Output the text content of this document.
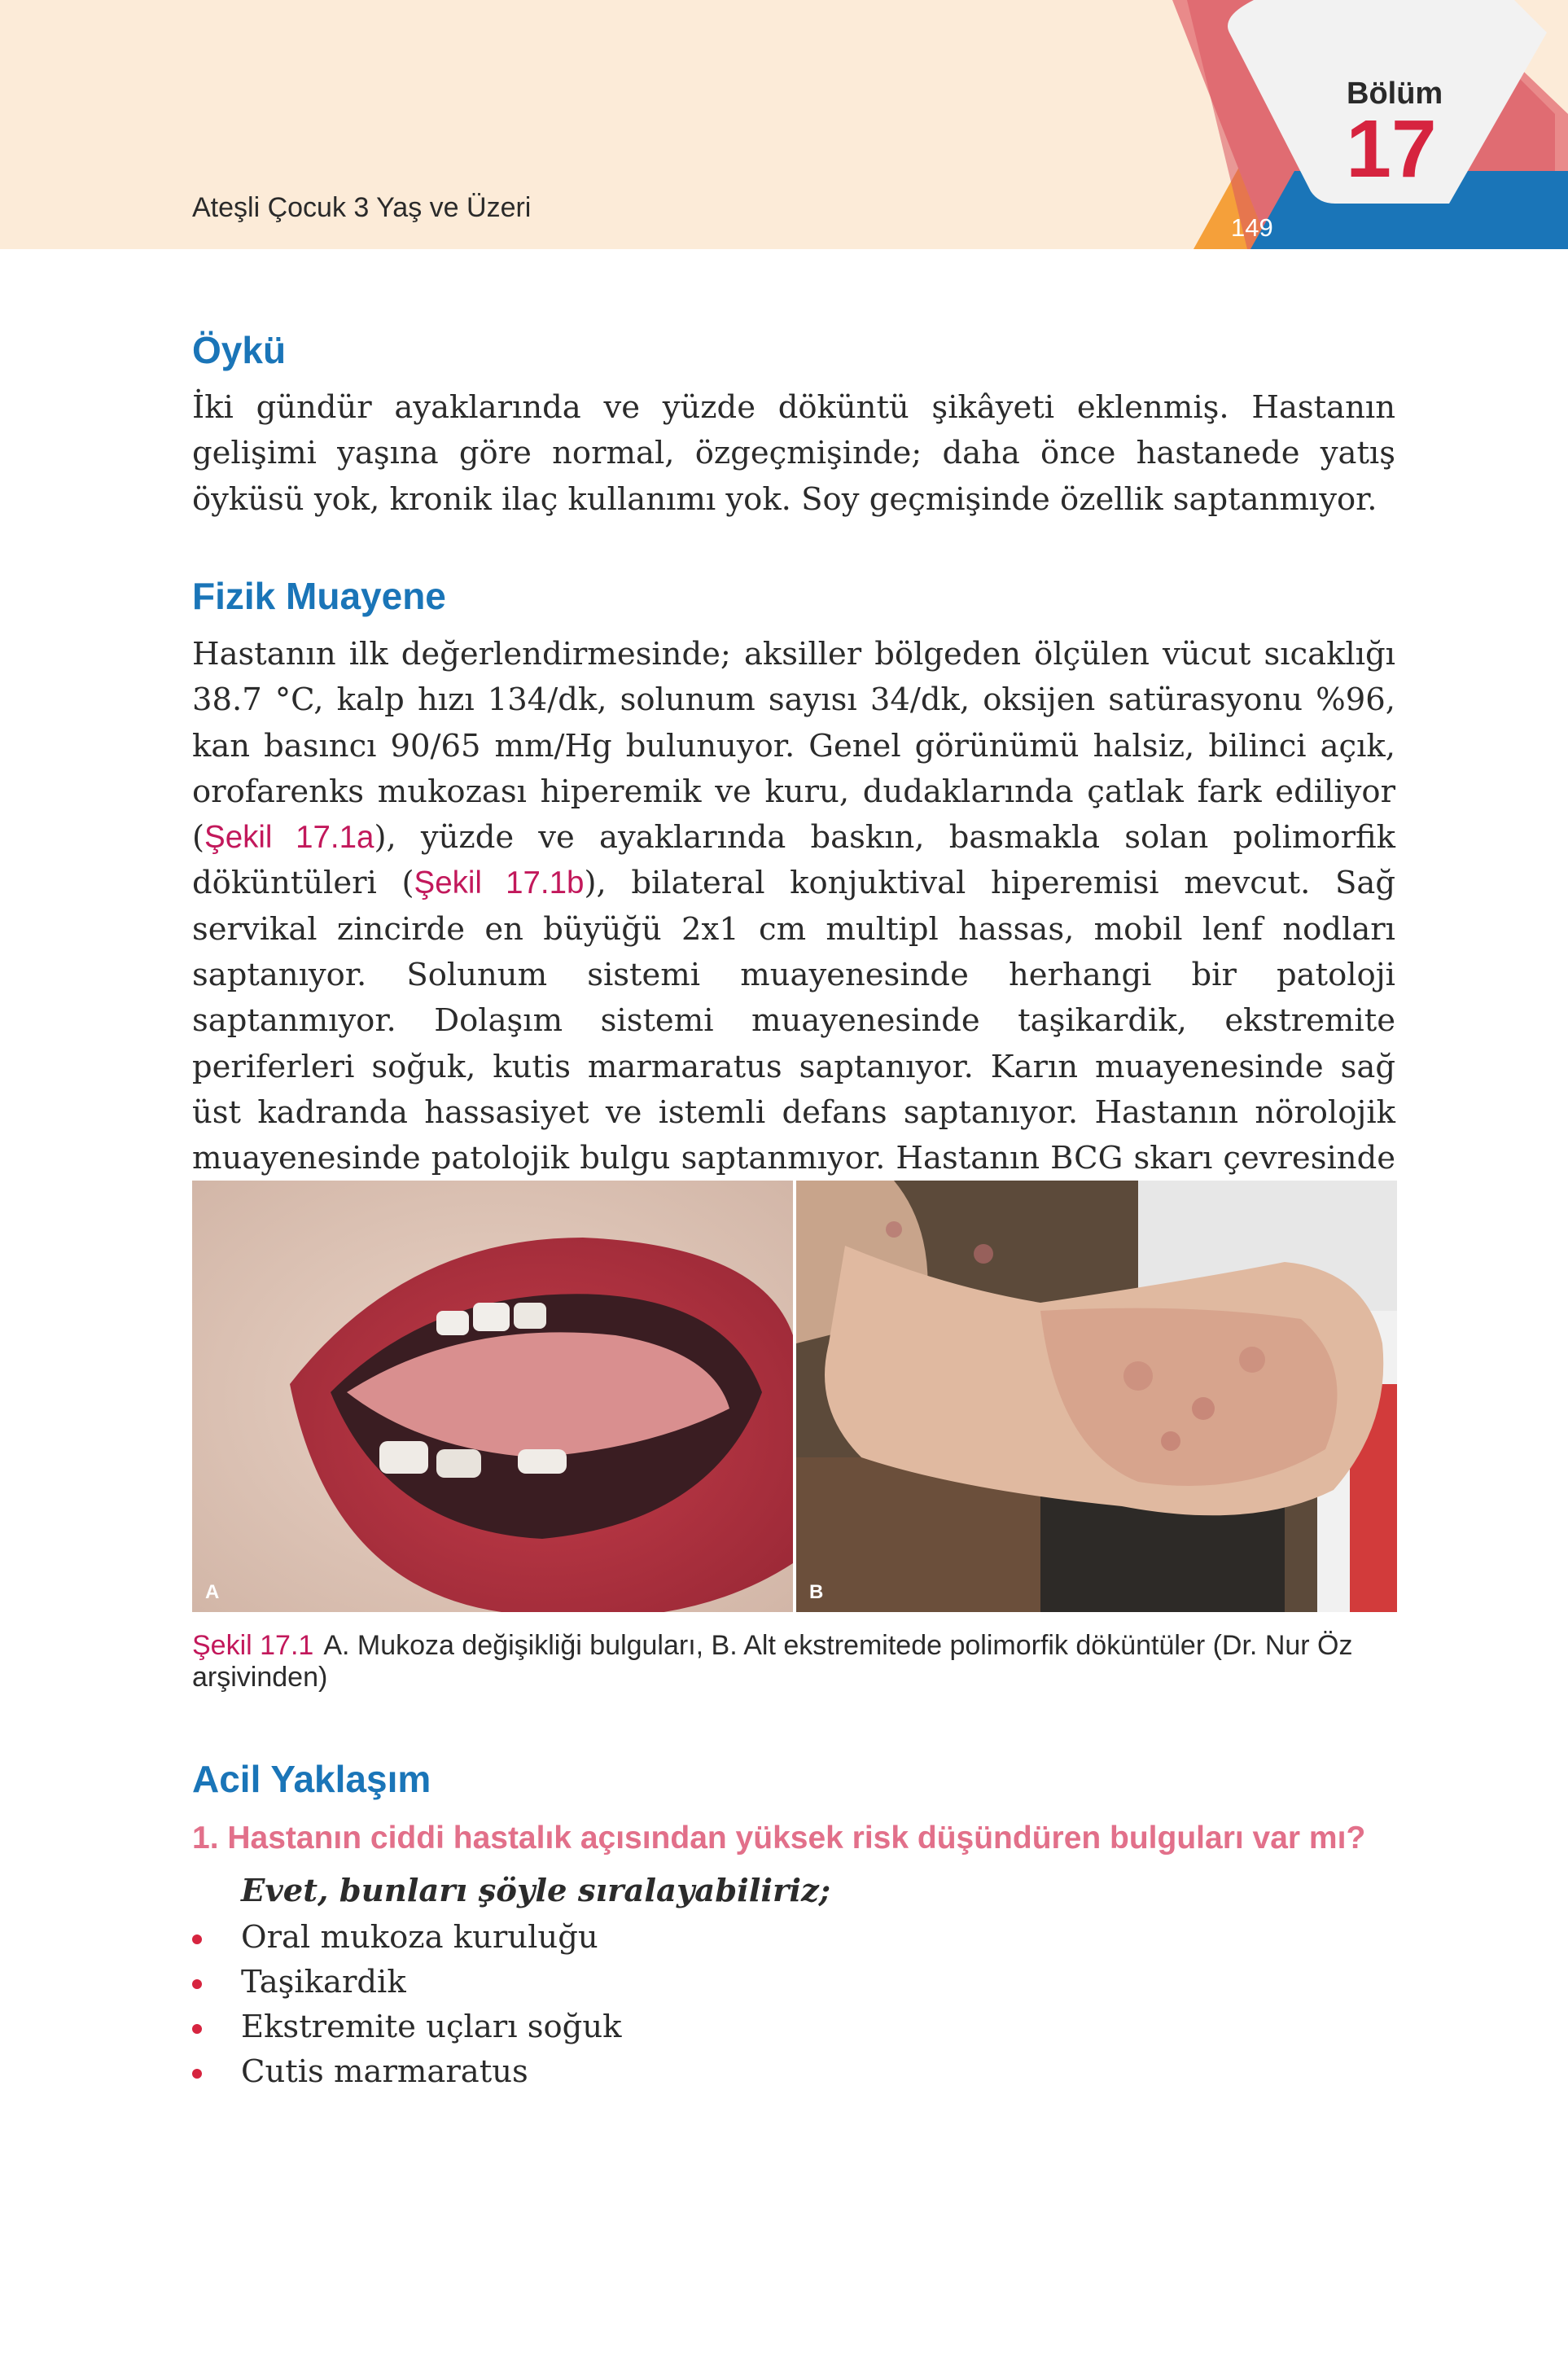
Ateşli Çocuk 3 Yaş ve Üzeri
Bölüm
17
149
Öykü
İki gündür ayaklarında ve yüzde döküntü şikâyeti eklenmiş. Hastanın gelişimi yaşına göre normal, özgeçmişinde; daha önce hastanede yatış öyküsü yok, kronik ilaç kullanımı yok. Soy geçmişinde özellik saptanmıyor.
Fizik Muayene
Hastanın ilk değerlendirmesinde; aksiller bölgeden ölçülen vücut sıcaklığı 38.7 °C, kalp hızı 134/dk, solunum sayısı 34/dk, oksijen satürasyonu %96, kan basıncı 90/65 mm/Hg bulunuyor. Genel görünümü halsiz, bilinci açık, orofarenks mukozası hiperemik ve kuru, dudaklarında çatlak fark ediliyor (Şekil 17.1a), yüzde ve ayaklarında baskın, basmakla solan polimorfik döküntüleri (Şekil 17.1b), bilateral konjuktival hiperemisi mevcut. Sağ servikal zincirde en büyüğü 2x1 cm multipl hassas, mobil lenf nodları saptanıyor. Solunum sistemi muayenesinde herhangi bir patoloji saptanmıyor. Dolaşım sistemi muayenesinde taşikardik, ekstremite periferleri soğuk, kutis marmaratus saptanıyor. Karın muayenesinde sağ üst kadranda hassasiyet ve istemli defans saptanıyor. Hastanın nörolojik muayenesinde patolojik bulgu saptanmıyor. Hastanın BCG skarı çevresinde
A	B
Şekil 17.1 A. Mukoza değişikliği bulguları, B. Alt ekstremitede polimorfik döküntüler (Dr. Nur Öz arşivinden)
Acil Yaklaşım
1. Hastanın ciddi hastalık açısından yüksek risk düşündüren bulguları var mı?
Evet, bunları şöyle sıralayabiliriz;
Oral mukoza kuruluğu
Taşikardik
Ekstremite uçları soğuk
Cutis marmaratus
